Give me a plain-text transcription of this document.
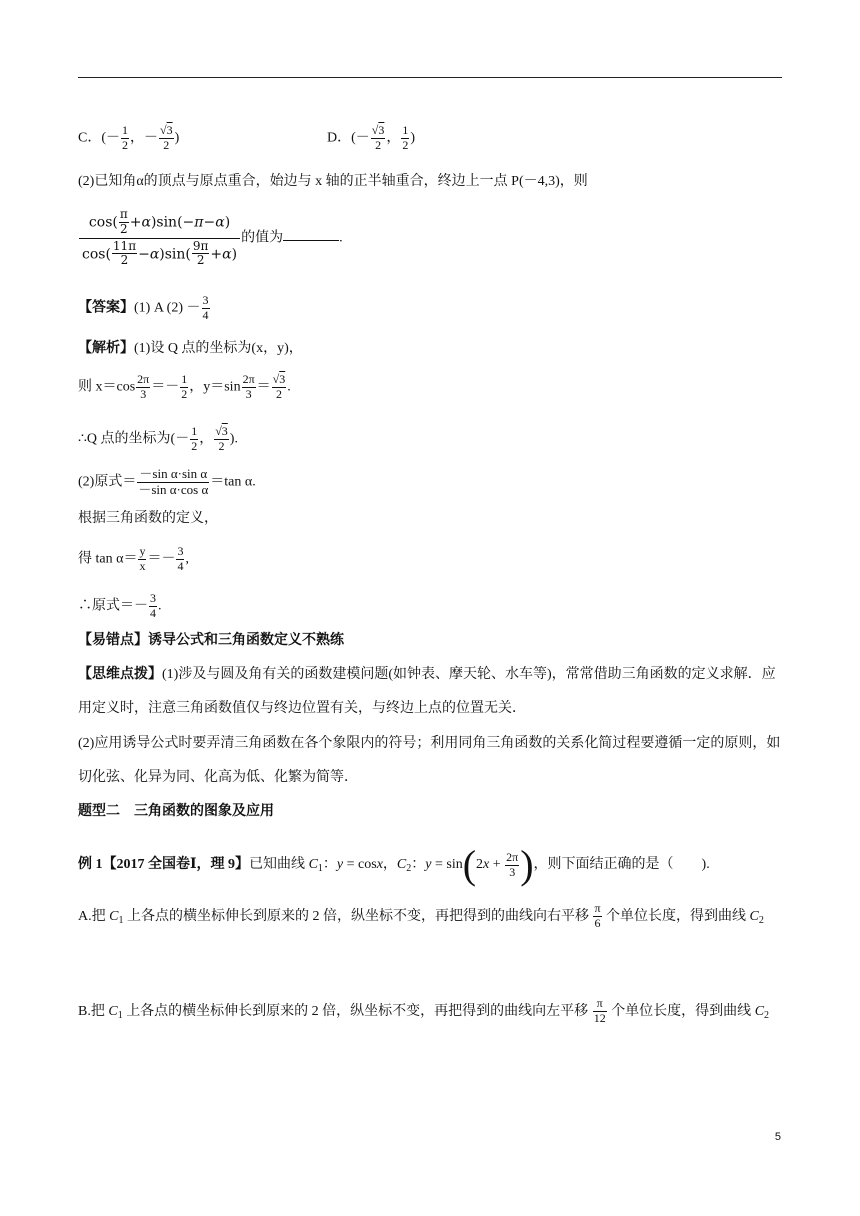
C．(－ $\frac{1}{2}$ ，－ $\frac{√3}{2}$ )	D．(－ $\frac{√3}{2}$ ， $\frac{1}{2}$ )
(2)已知角α的顶点与原点重合，始边与 x 轴的正半轴重合，终边上一点 P(－4,3)，则
$\frac{\cos( \frac{\pi}{2} +\alpha)\sin(-\pi-\alpha)}{\cos( \frac{11\pi}{2} -\alpha)\sin( \frac{9\pi}{2} +\alpha)}$ 的值为	.
【答案】(1) A $(2) - \frac{3}{4}$
【解析】(1)设 Q 点的坐标为(x，y)，
则 $x=\cos \frac{2\pi}{3} =- \frac{1}{2}$ ，$y=\sin \frac{2\pi}{3} = \frac{√3}{2}$ .
∴Q 点的坐标为(－ $\frac{1}{2}$ ， $\frac{√3}{2}$ ).
(2)原式＝ $\frac{\text{－sin α·sin α}}{\text{－sin α·cos α}} =\tan$ α.
根据三角函数的定义，
得 $\tan \alpha= \frac{y}{x} =- \frac{3}{4}$ ,
∴原式＝－ $\frac{3}{4}$ .
【易错点】诱导公式和三角函数定义不熟练
【思维点拨】(1)涉及与圆及角有关的函数建模问题(如钟表、摩天轮、水车等)，常常借助三角函数的定义求解．应用定义时，注意三角函数值仅与终边位置有关，与终边上点的位置无关．
(2)应用诱导公式时要弄清三角函数在各个象限内的符号；利用同角三角函数的关系化简过程要遵循一定的原则，如切化弦、化异为同、化高为低、化繁为简等．
题型二　三角函数的图象及应用
例 1【2017 全国卷Ⅰ，理 9】已知曲线 $C_1$：y = cosx，$C_2$：$y = \sin(2x + \frac{2\pi}{3}$ )，则下面结正确的是（　　).
A.把 $C_1$ 上各点的横坐标伸长到原来的 2 倍，纵坐标不变，再把得到的曲线向右平移 $\frac{\pi}{6}$ 个单位长度，得到曲线 $C_2$
B.把 $C_1$ 上各点的横坐标伸长到原来的 2 倍，纵坐标不变，再把得到的曲线向左平移 $\frac{\pi}{12}$ 个单位长度，得到曲线 $C_2$
5
